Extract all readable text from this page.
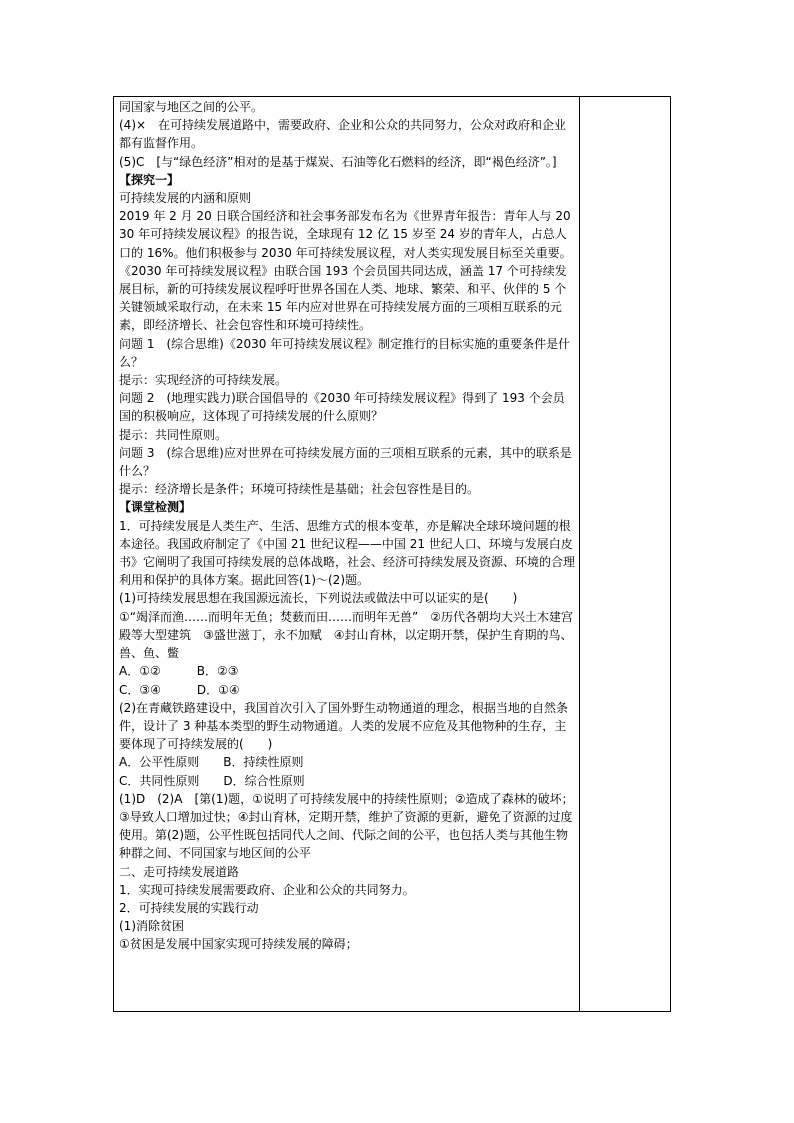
同国家与地区之间的公平。

(4)×　在可持续发展道路中，需要政府、企业和公众的共同努力，公众对政府和企业都有监督作用。

(5)C　[与“绿色经济”相对的是基于煤炭、石油等化石燃料的经济，即“褐色经济”。]

【探究一】

可持续发展的内涵和原则

2019 年 2 月 20 日联合国经济和社会事务部发布名为《世界青年报告：青年人与 2030 年可持续发展议程》的报告说，全球现有 12 亿 15 岁至 24 岁的青年人，占总人口的 16%。他们积极参与 2030 年可持续发展议程，对人类实现发展目标至关重要。《2030 年可持续发展议程》由联合国 193 个会员国共同达成，涵盖 17 个可持续发展目标，新的可持续发展议程呼吁世界各国在人类、地球、繁荣、和平、伙伴的 5 个关键领域采取行动，在未来 15 年内应对世界在可持续发展方面的三项相互联系的元素，即经济增长、社会包容性和环境可持续性。

问题 1　(综合思维)《2030 年可持续发展议程》制定推行的目标实施的重要条件是什么？

提示：实现经济的可持续发展。

问题 2　(地理实践力)联合国倡导的《2030 年可持续发展议程》得到了 193 个会员国的积极响应，这体现了可持续发展的什么原则？

提示：共同性原则。

问题 3　(综合思维)应对世界在可持续发展方面的三项相互联系的元素，其中的联系是什么？

提示：经济增长是条件；环境可持续性是基础；社会包容性是目的。

【课堂检测】

1．可持续发展是人类生产、生活、思维方式的根本变革，亦是解决全球环境问题的根本途径。我国政府制定了《中国 21 世纪议程——中国 21 世纪人口、环境与发展白皮书》它阐明了我国可持续发展的总体战略，社会、经济可持续发展及资源、环境的合理利用和保护的具体方案。据此回答(1)～(2)题。

(1)可持续发展思想在我国源远流长，下列说法或做法中可以证实的是(　　)

①“竭泽而渔……而明年无鱼；焚薮而田……而明年无兽”　②历代各朝均大兴土木建宫殿等大型建筑　③盛世滋丁，永不加赋　④封山育林，以定期开禁，保护生育期的鸟、兽、鱼、鳖

A．①②　　　B．②③

C．③④　　　D．①④

(2)在青藏铁路建设中，我国首次引入了国外野生动物通道的理念，根据当地的自然条件，设计了 3 种基本类型的野生动物通道。人类的发展不应危及其他物种的生存，主要体现了可持续发展的(　　)

A．公平性原则　　B．持续性原则

C．共同性原则　　D．综合性原则

(1)D　(2)A　[第(1)题，①说明了可持续发展中的持续性原则；②造成了森林的破坏；③导致人口增加过快；④封山育林，定期开禁，维护了资源的更新，避免了资源的过度使用。第(2)题，公平性既包括同代人之间、代际之间的公平，也包括人类与其他生物种群之间、不同国家与地区间的公平

二、走可持续发展道路

1．实现可持续发展需要政府、企业和公众的共同努力。

2．可持续发展的实践行动

(1)消除贫困

①贫困是发展中国家实现可持续发展的障碍；
